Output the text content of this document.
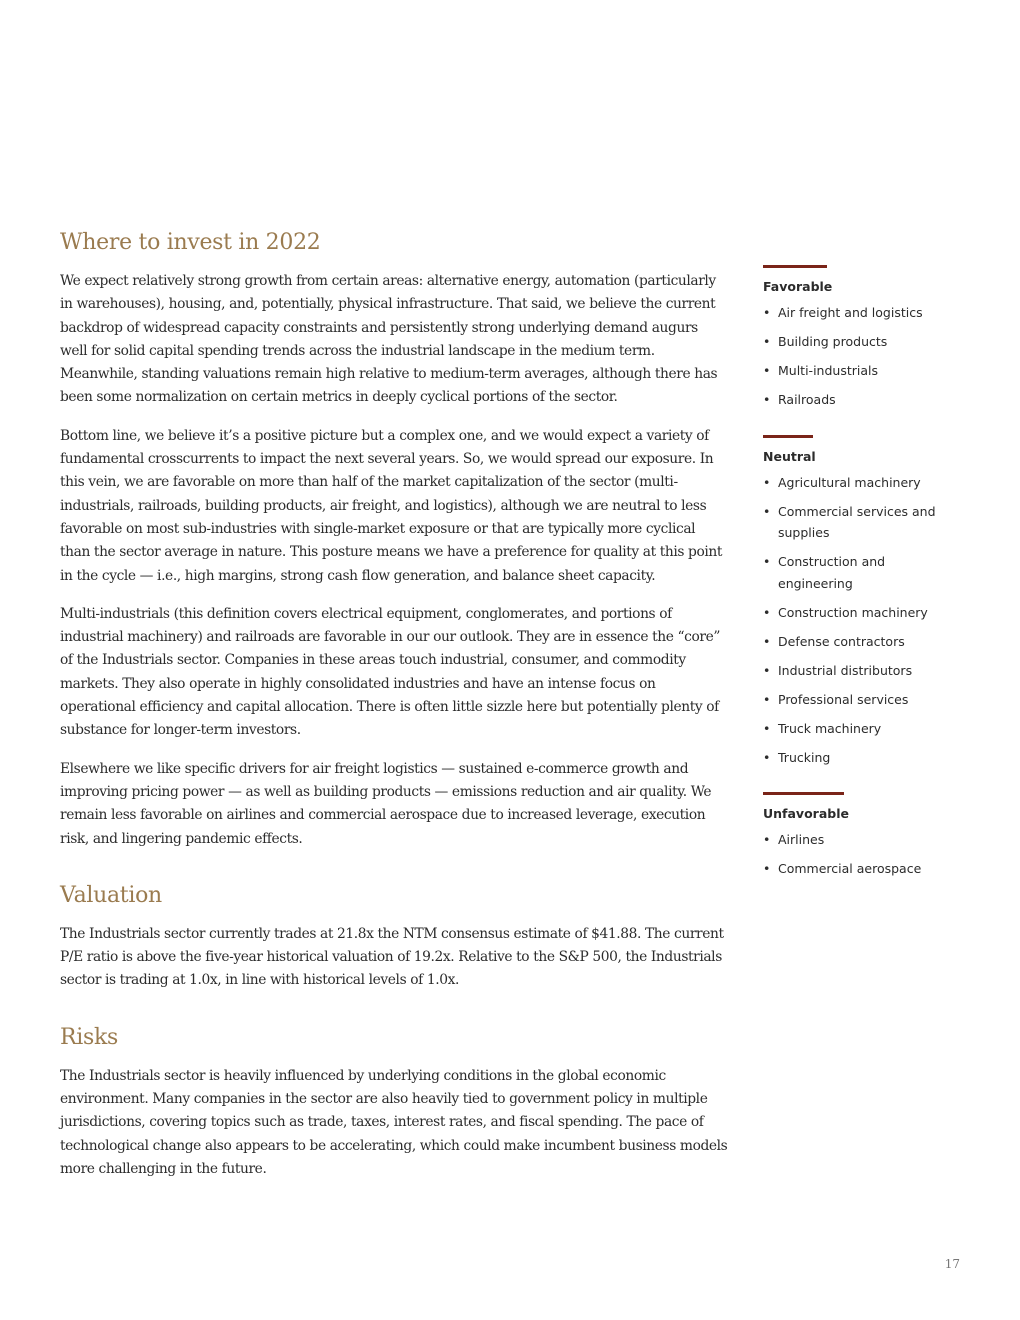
Where to invest in 2022

We expect relatively strong growth from certain areas: alternative energy, automation (particularly in warehouses), housing, and, potentially, physical infrastructure. That said, we believe the current backdrop of widespread capacity constraints and persistently strong underlying demand augurs well for solid capital spending trends across the industrial landscape in the medium term. Meanwhile, standing valuations remain high relative to medium-term averages, although there has been some normalization on certain metrics in deeply cyclical portions of the sector.

Bottom line, we believe it’s a positive picture but a complex one, and we would expect a variety of fundamental crosscurrents to impact the next several years. So, we would spread our exposure. In this vein, we are favorable on more than half of the market capitalization of the sector (multi-industrials, railroads, building products, air freight, and logistics), although we are neutral to less favorable on most sub-industries with single-market exposure or that are typically more cyclical than the sector average in nature. This posture means we have a preference for quality at this point in the cycle — i.e., high margins, strong cash flow generation, and balance sheet capacity.

Multi-industrials (this definition covers electrical equipment, conglomerates, and portions of industrial machinery) and railroads are favorable in our our outlook. They are in essence the “core” of the Industrials sector. Companies in these areas touch industrial, consumer, and commodity markets. They also operate in highly consolidated industries and have an intense focus on operational efficiency and capital allocation. There is often little sizzle here but potentially plenty of substance for longer-term investors.

Elsewhere we like specific drivers for air freight logistics — sustained e-commerce growth and improving pricing power — as well as building products — emissions reduction and air quality. We remain less favorable on airlines and commercial aerospace due to increased leverage, execution risk, and lingering pandemic effects.

Valuation

The Industrials sector currently trades at 21.8x the NTM consensus estimate of $41.88. The current P/E ratio is above the five-year historical valuation of 19.2x. Relative to the S&P 500, the Industrials sector is trading at 1.0x, in line with historical levels of 1.0x.

Risks

The Industrials sector is heavily influenced by underlying conditions in the global economic environment. Many companies in the sector are also heavily tied to government policy in multiple jurisdictions, covering topics such as trade, taxes, interest rates, and fiscal spending. The pace of technological change also appears to be accelerating, which could make incumbent business models more challenging in the future.

Favorable
• Air freight and logistics
• Building products
• Multi-industrials
• Railroads
Neutral
• Agricultural machinery
• Commercial services and supplies
• Construction and engineering
• Construction machinery
• Defense contractors
• Industrial distributors
• Professional services
• Truck machinery
• Trucking
Unfavorable
• Airlines
• Commercial aerospace
17
